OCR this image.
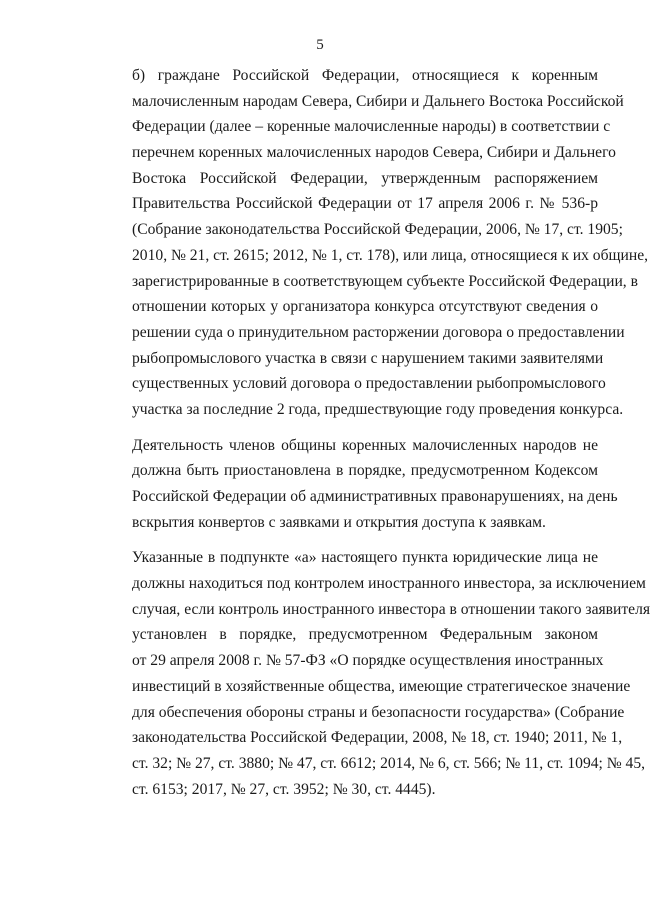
5
б) граждане Российской Федерации, относящиеся к коренным
малочисленным народам Севера, Сибири и Дальнего Востока Российской
Федерации (далее – коренные малочисленные народы) в соответствии с
перечнем коренных малочисленных народов Севера, Сибири и Дальнего
Востока Российской Федерации, утвержденным распоряжением
Правительства Российской Федерации от 17 апреля 2006 г. № 536-р
(Собрание законодательства Российской Федерации, 2006, № 17, ст. 1905;
2010, № 21, ст. 2615; 2012, № 1, ст. 178), или лица, относящиеся к их общине,
зарегистрированные в соответствующем субъекте Российской Федерации, в
отношении которых у организатора конкурса отсутствуют сведения о
решении суда о принудительном расторжении договора о предоставлении
рыбопромыслового участка в связи с нарушением такими заявителями
существенных условий договора о предоставлении рыбопромыслового
участка за последние 2 года, предшествующие году проведения конкурса.
Деятельность членов общины коренных малочисленных народов не
должна быть приостановлена в порядке, предусмотренном Кодексом
Российской Федерации об административных правонарушениях, на день
вскрытия конвертов с заявками и открытия доступа к заявкам.
Указанные в подпункте «а» настоящего пункта юридические лица не
должны находиться под контролем иностранного инвестора, за исключением
случая, если контроль иностранного инвестора в отношении такого заявителя
установлен в порядке, предусмотренном Федеральным законом
от 29 апреля 2008 г. № 57-ФЗ «О порядке осуществления иностранных
инвестиций в хозяйственные общества, имеющие стратегическое значение
для обеспечения обороны страны и безопасности государства» (Собрание
законодательства Российской Федерации, 2008, № 18, ст. 1940; 2011, № 1,
ст. 32; № 27, ст. 3880; № 47, ст. 6612; 2014, № 6, ст. 566; № 11, ст. 1094; № 45,
ст. 6153; 2017, № 27, ст. 3952; № 30, ст. 4445).
